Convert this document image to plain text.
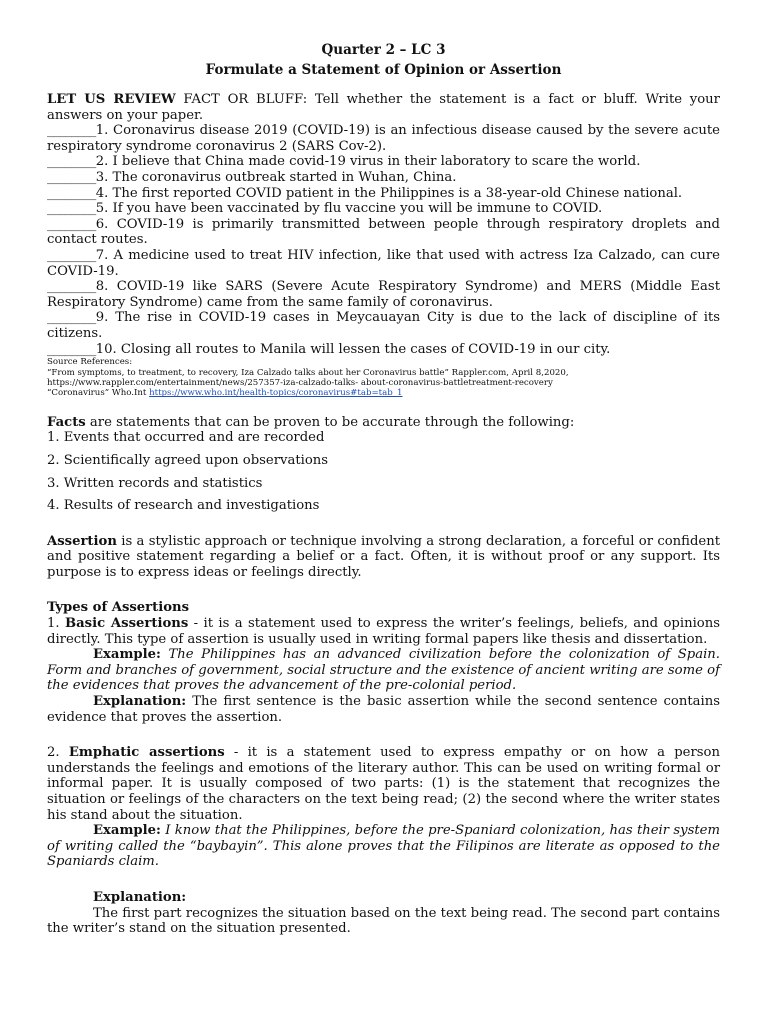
Quarter 2 – LC 3
Formulate a Statement of Opinion or Assertion
LET US REVIEW FACT OR BLUFF: Tell whether the statement is a fact or bluff. Write your answers on your paper.
________1. Coronavirus disease 2019 (COVID-19) is an infectious disease caused by the severe acute respiratory syndrome coronavirus 2 (SARS Cov-2).
________2. I believe that China made covid-19 virus in their laboratory to scare the world.
________3. The coronavirus outbreak started in Wuhan, China.
________4. The first reported COVID patient in the Philippines is a 38-year-old Chinese national.
________5. If you have been vaccinated by flu vaccine you will be immune to COVID.
________6. COVID-19 is primarily transmitted between people through respiratory droplets and contact routes.
________7. A medicine used to treat HIV infection, like that used with actress Iza Calzado, can cure COVID-19.
________8. COVID-19 like SARS (Severe Acute Respiratory Syndrome) and MERS (Middle East Respiratory Syndrome) came from the same family of coronavirus.
________9. The rise in COVID-19 cases in Meycauayan City is due to the lack of discipline of its citizens.
________10. Closing all routes to Manila will lessen the cases of COVID-19 in our city.
Source References:
“From symptoms, to treatment, to recovery, Iza Calzado talks about her Coronavirus battle” Rappler.com, April 8,2020, https://www.rappler.com/entertainment/news/257357-iza-calzado-talks- about-coronavirus-battletreatment-recovery
“Coronavirus” Who.Int https://www.who.int/health-topics/coronavirus#tab=tab_1
Facts are statements that can be proven to be accurate through the following:
1. Events that occurred and are recorded
2. Scientifically agreed upon observations
3. Written records and statistics
4. Results of research and investigations
Assertion is a stylistic approach or technique involving a strong declaration, a forceful or confident and positive statement regarding a belief or a fact. Often, it is without proof or any support. Its purpose is to express ideas or feelings directly.
Types of Assertions
1. Basic Assertions - it is a statement used to express the writer’s feelings, beliefs, and opinions directly. This type of assertion is usually used in writing formal papers like thesis and dissertation.
Example: The Philippines has an advanced civilization before the colonization of Spain. Form and branches of government, social structure and the existence of ancient writing are some of the evidences that proves the advancement of the pre-colonial period.
Explanation: The first sentence is the basic assertion while the second sentence contains evidence that proves the assertion.
2. Emphatic assertions - it is a statement used to express empathy or on how a person understands the feelings and emotions of the literary author. This can be used on writing formal or informal paper. It is usually composed of two parts: (1) is the statement that recognizes the situation or feelings of the characters on the text being read; (2) the second where the writer states his stand about the situation.
Example: I know that the Philippines, before the pre-Spaniard colonization, has their system of writing called the “baybayin”. This alone proves that the Filipinos are literate as opposed to the Spaniards claim.
Explanation:
The first part recognizes the situation based on the text being read. The second part contains the writer’s stand on the situation presented.
